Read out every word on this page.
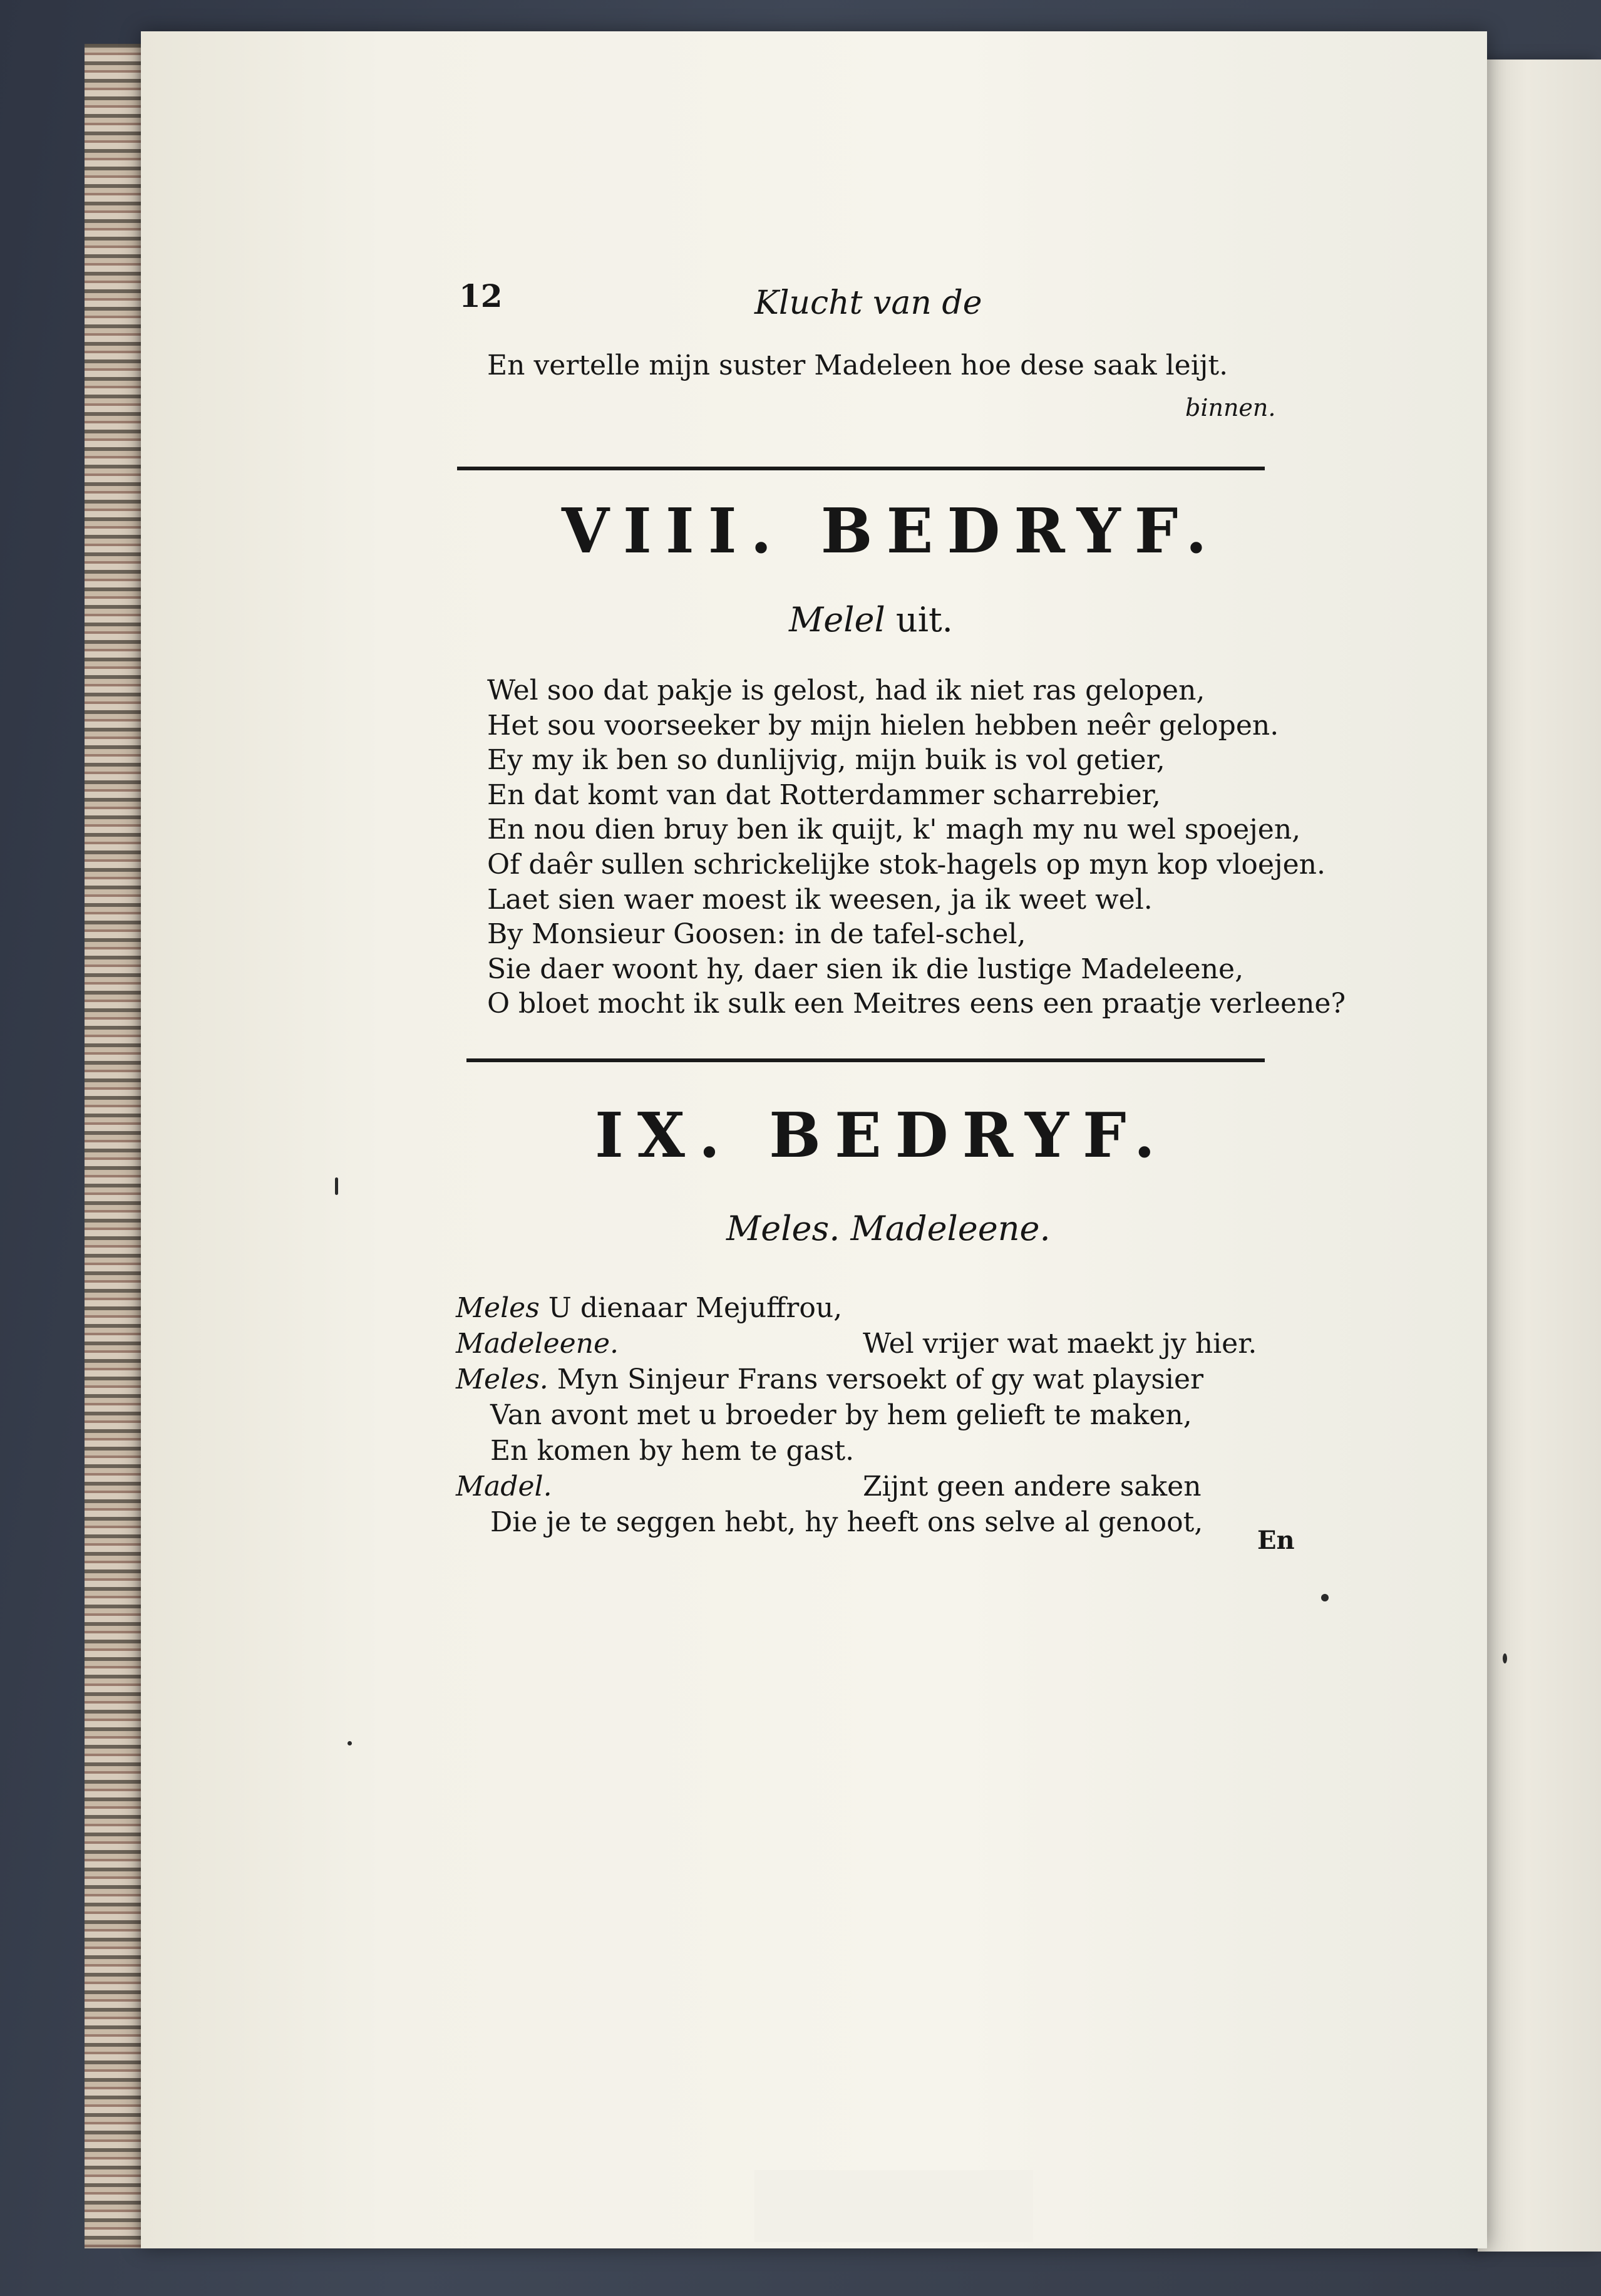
12	Klucht van de
En vertelle mijn suster Madeleen hoe dese saak leijt.
binnen.
VIII. BEDRYF.
Melel uit.
Wel soo dat pakje is gelost, had ik niet ras gelopen,
Het sou voorseeker by mijn hielen hebben neêr gelopen.
Ey my ik ben so dunlijvig, mijn buik is vol getier,
En dat komt van dat Rotterdammer scharrebier,
En nou dien bruy ben ik quijt, k' magh my nu wel spoejen,
Of daêr sullen schrickelijke stok-hagels op myn kop vloejen.
Laet sien waer moest ik weesen, ja ik weet wel.
By Monsieur Goosen: in de tafel-schel,
Sie daer woont hy, daer sien ik die lustige Madeleene,
O bloet mocht ik sulk een Meitres eens een praatje verleene?
IX. BEDRYF.
Meles. Madeleene.
Meles U dienaar Mejuffrou,
Madeleene.	Wel vrijer wat maekt jy hier.
Meles. Myn Sinjeur Frans versoekt of gy wat playsier
Van avont met u broeder by hem gelieft te maken,
En komen by hem te gast.
Madel.	Zijnt geen andere saken
Die je te seggen hebt, hy heeft ons selve al genoot,
En
